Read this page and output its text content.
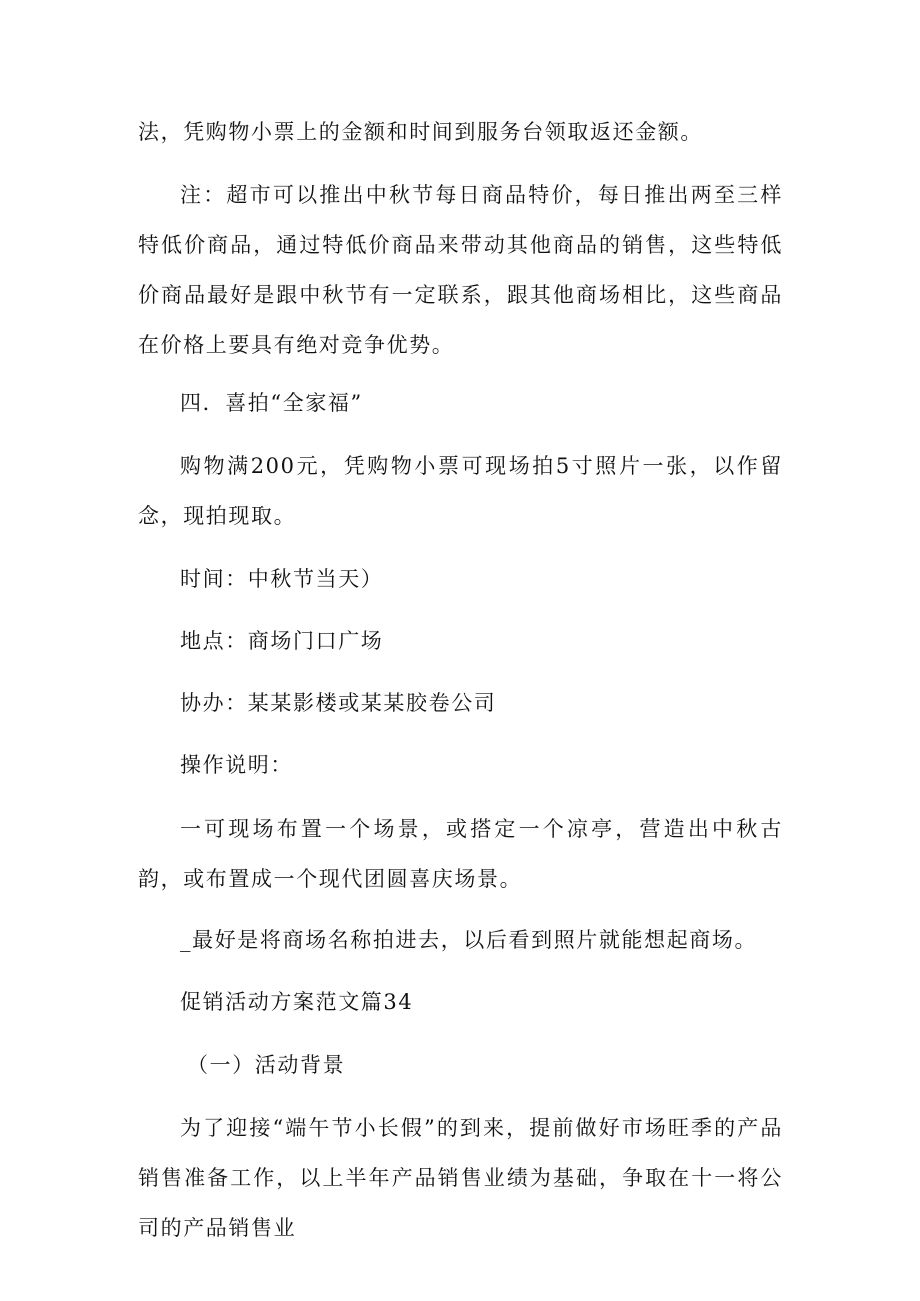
法，凭购物小票上的金额和时间到服务台领取返还金额。

注：超市可以推出中秋节每日商品特价，每日推出两至三样特低价商品，通过特低价商品来带动其他商品的销售，这些特低价商品最好是跟中秋节有一定联系，跟其他商场相比，这些商品在价格上要具有绝对竞争优势。

四．喜拍“全家福”

购物满200元，凭购物小票可现场拍5寸照片一张，以作留念，现拍现取。

时间：中秋节当天）

地点：商场门口广场

协办：某某影楼或某某胶卷公司

操作说明：

一可现场布置一个场景，或搭定一个凉亭，营造出中秋古韵，或布置成一个现代团圆喜庆场景。

_最好是将商场名称拍进去，以后看到照片就能想起商场。

促销活动方案范文篇34

（一）活动背景

为了迎接“端午节小长假”的到来，提前做好市场旺季的产品销售准备工作，以上半年产品销售业绩为基础，争取在十一将公司的产品销售业
